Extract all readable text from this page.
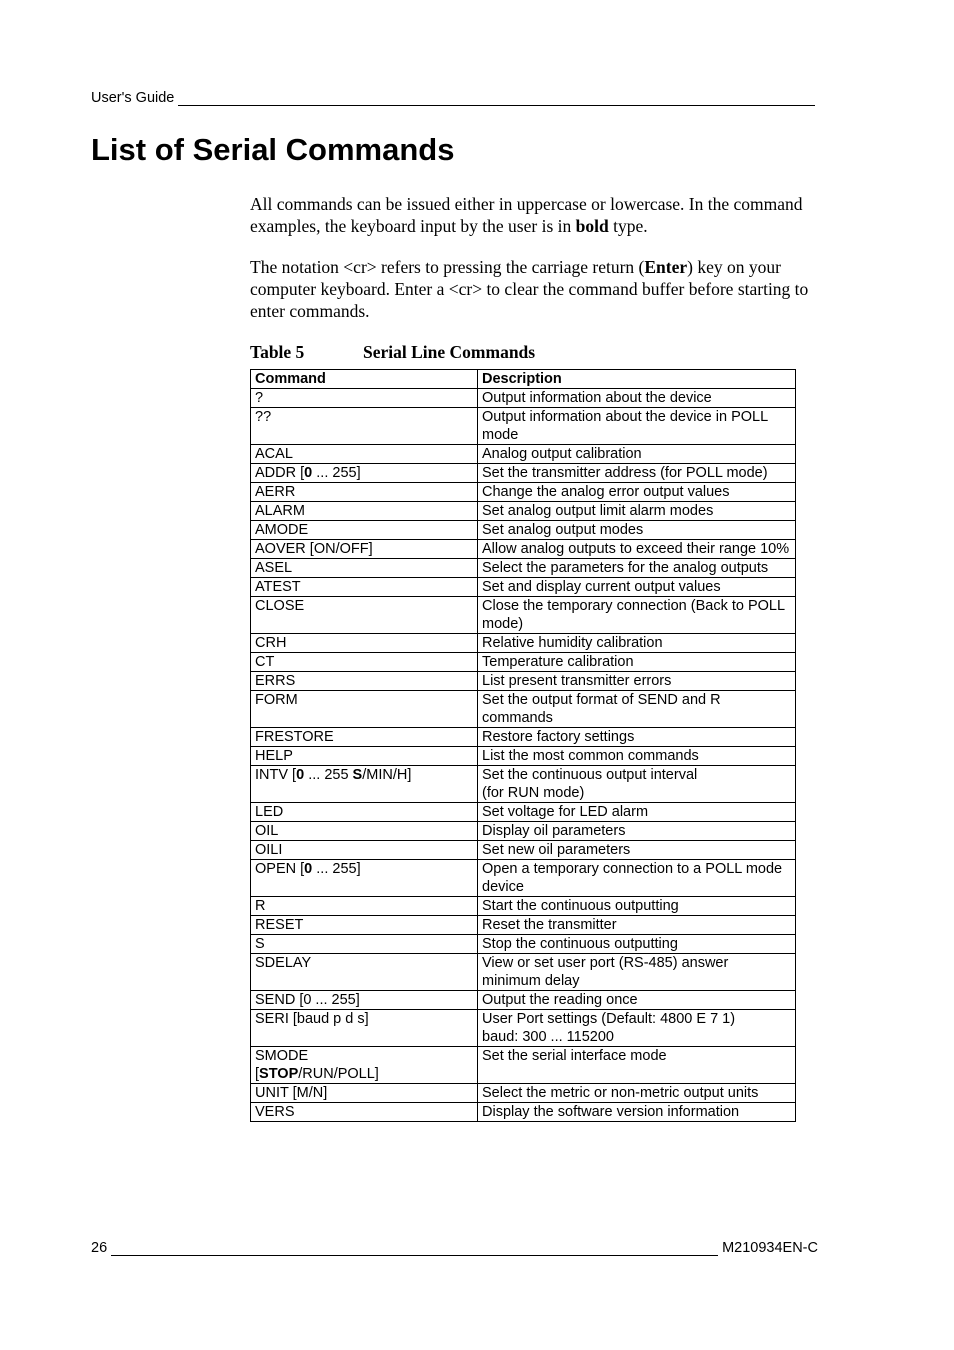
User's Guide
List of Serial Commands

All commands can be issued either in uppercase or lowercase. In the command examples, the keyboard input by the user is in bold type.

The notation <cr> refers to pressing the carriage return (Enter) key on your computer keyboard. Enter a <cr> to clear the command buffer before starting to enter commands.

Table 5	Serial Line Commands
Command	Description
?	Output information about the device
??	Output information about the device in POLL mode
ACAL	Analog output calibration
ADDR [0 ... 255]	Set the transmitter address (for POLL mode)
AERR	Change the analog error output values
ALARM	Set analog output limit alarm modes
AMODE	Set analog output modes
AOVER [ON/OFF]	Allow analog outputs to exceed their range 10%
ASEL	Select the parameters for the analog outputs
ATEST	Set and display current output values
CLOSE	Close the temporary connection (Back to POLL mode)
CRH	Relative humidity calibration
CT	Temperature calibration
ERRS	List present transmitter errors
FORM	Set the output format of SEND and R commands
FRESTORE	Restore factory settings
HELP	List the most common commands
INTV [0 ... 255 S/MIN/H]	Set the continuous output interval
(for RUN mode)
LED	Set voltage for LED alarm
OIL	Display oil parameters
OILI	Set new oil parameters
OPEN [0 ... 255]	Open a temporary connection to a POLL mode device
R	Start the continuous outputting
RESET	Reset the transmitter
S	Stop the continuous outputting
SDELAY	View or set user port (RS-485) answer minimum delay
SEND [0 ... 255]	Output the reading once
SERI [baud p d s]	User Port settings (Default: 4800 E 7 1)
baud: 300 ... 115200
SMODE
[STOP/RUN/POLL]	Set the serial interface mode
UNIT [M/N]	Select the metric or non-metric output units
VERS	Display the software version information
26	M210934EN-C
